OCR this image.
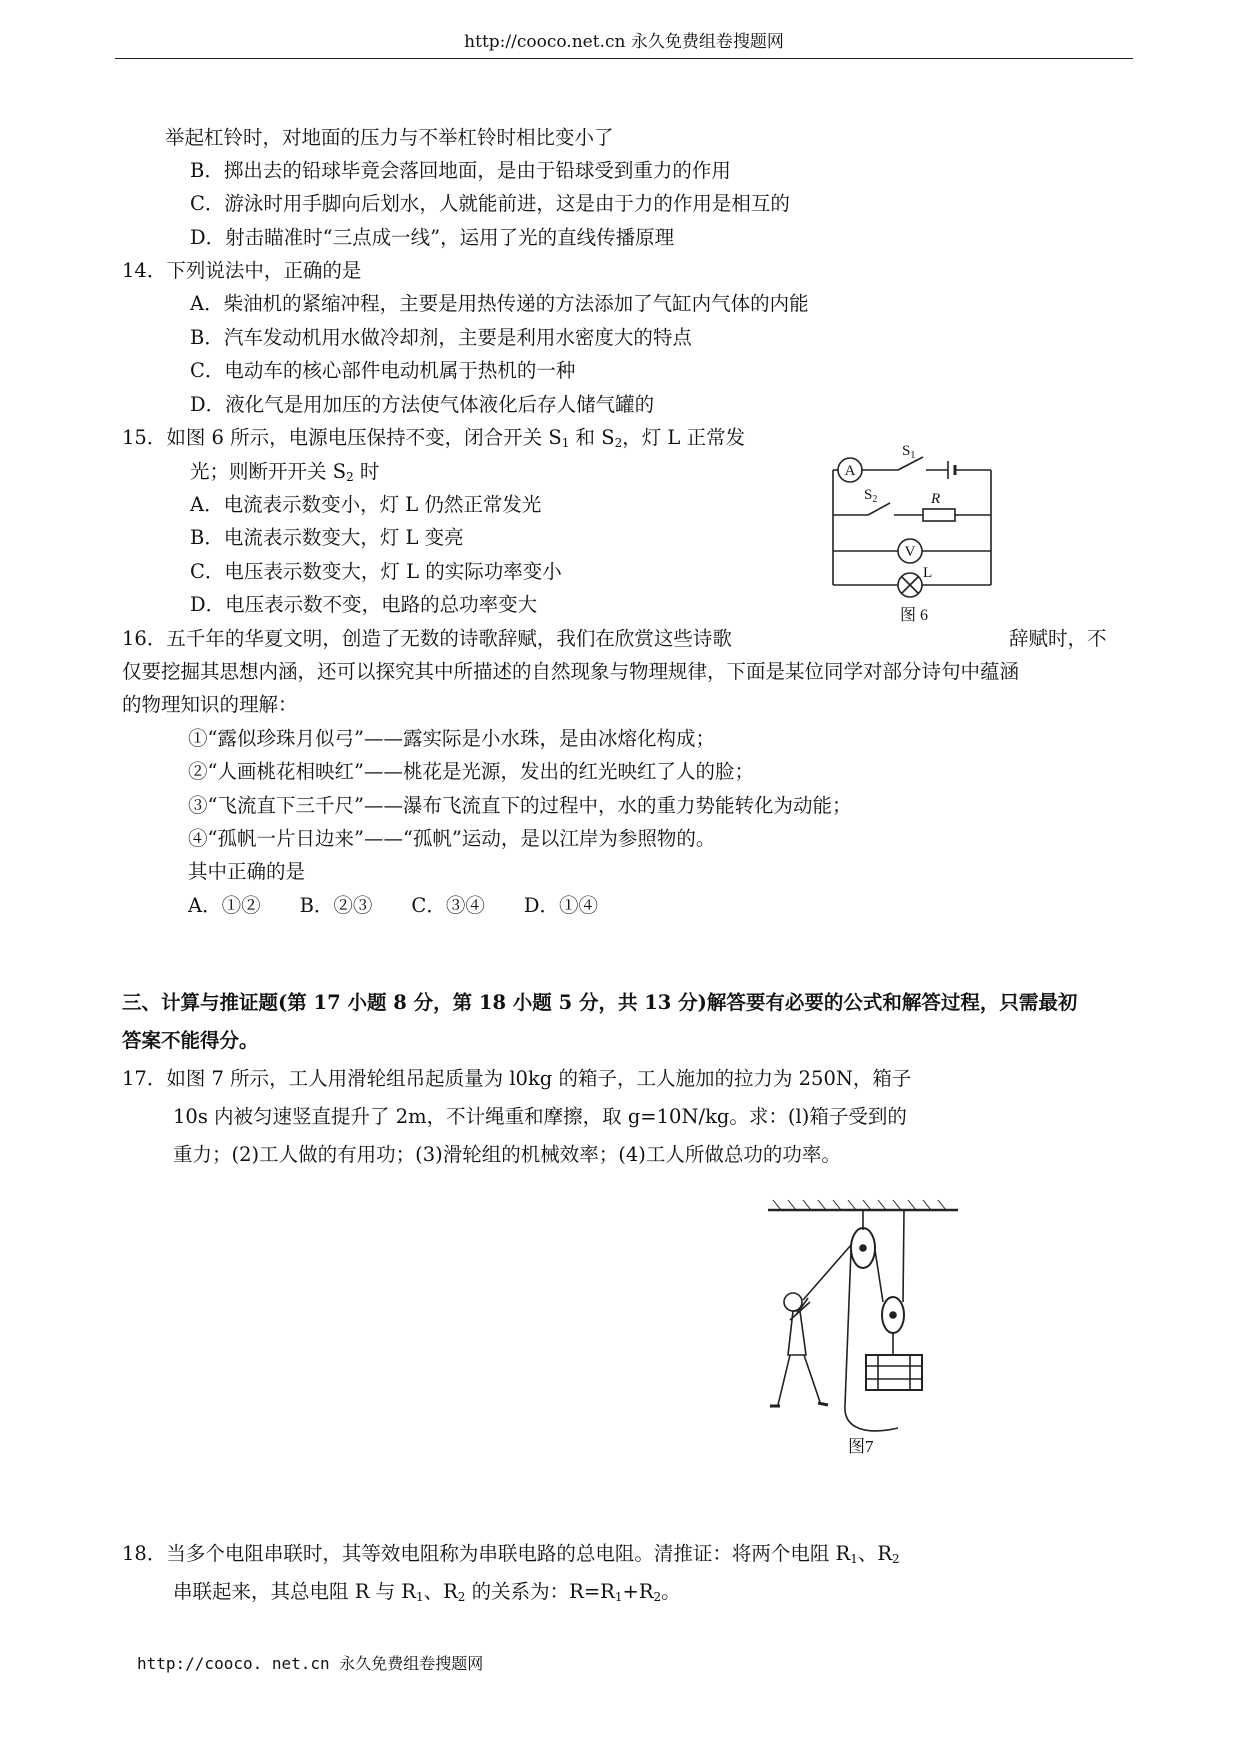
http://cooco.net.cn 永久免费组卷搜题网
举起杠铃时，对地面的压力与不举杠铃时相比变小了
B．掷出去的铅球毕竟会落回地面，是由于铅球受到重力的作用
C．游泳时用手脚向后划水，人就能前进，这是由于力的作用是相互的
D．射击瞄准时“三点成一线”，运用了光的直线传播原理
14．下列说法中，正确的是
A．柴油机的紧缩冲程，主要是用热传递的方法添加了气缸内气体的内能
B．汽车发动机用水做冷却剂，主要是利用水密度大的特点
C．电动车的核心部件电动机属于热机的一种
D．液化气是用加压的方法使气体液化后存人储气罐的
15．如图 6 所示，电源电压保持不变，闭合开关 $S_1$ 和 $S_2$，灯 L 正常发
光；则断开开关 $S_2$ 时
A．电流表示数变小，灯 L 仍然正常发光
B．电流表示数变大，灯 L 变亮
C．电压表示数变大，灯 L 的实际功率变小
D．电压表示数不变，电路的总功率变大
A
V
L
R
$S_1$
$S_2$
图 6
16．五千年的华夏文明，创造了无数的诗歌辞赋，我们在欣赏这些诗歌	辞赋时，不
仅要挖掘其思想内涵，还可以探究其中所描述的自然现象与物理规律，下面是某位同学对部分诗句中蕴涵
的物理知识的理解：
①“露似珍珠月似弓”——露实际是小水珠，是由冰熔化构成；
②“人画桃花相映红”——桃花是光源，发出的红光映红了人的脸；
③“飞流直下三千尺”——瀑布飞流直下的过程中，水的重力势能转化为动能；
④“孤帆一片日边来”——“孤帆”运动，是以江岸为参照物的。
其中正确的是
A．①②　　B．②③　　C．③④　　D．①④
三、计算与推证题(第 17 小题 8 分，第 18 小题 5 分，共 13 分)解答要有必要的公式和解答过程，只需最初
答案不能得分。
17．如图 7 所示，工人用滑轮组吊起质量为 l0kg 的箱子，工人施加的拉力为 250N，箱子
10s 内被匀速竖直提升了 2m，不计绳重和摩擦，取 g=10N/kg。求：(l)箱子受到的
重力；(2)工人做的有用功；(3)滑轮组的机械效率；(4)工人所做总功的功率。
图7
18．当多个电阻串联时，其等效电阻称为串联电路的总电阻。清推证：将两个电阻 $R_1$、$R_2$
串联起来，其总电阻 R 与 $R_1$、$R_2$ 的关系为：$R=R_1+R_2$。
http://cooco. net.cn 永久免费组卷搜题网
